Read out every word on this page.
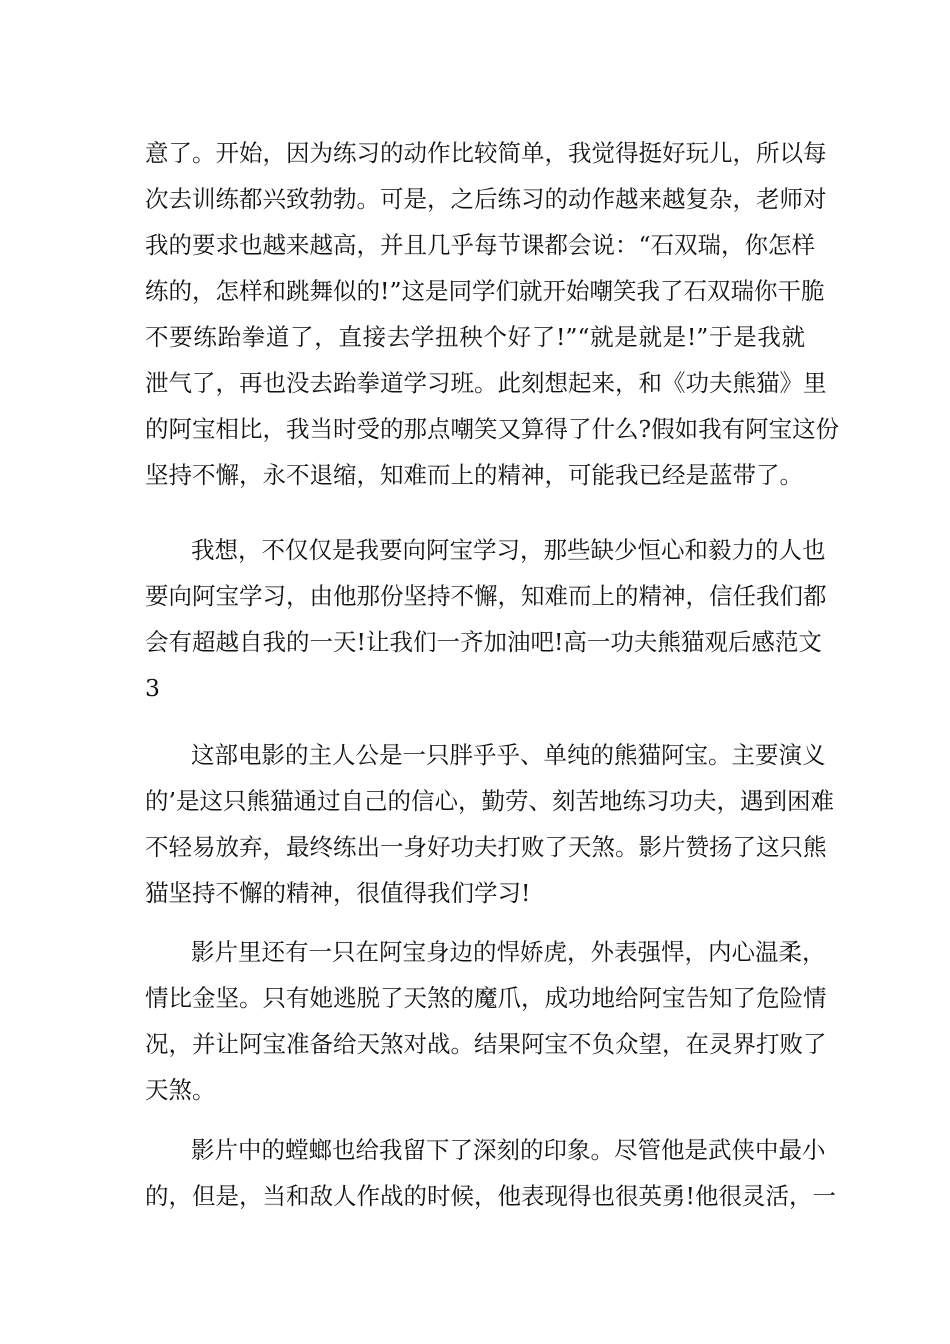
意了。开始，因为练习的动作比较简单，我觉得挺好玩儿，所以每
次去训练都兴致勃勃。可是，之后练习的动作越来越复杂，老师对
我的要求也越来越高，并且几乎每节课都会说：“石双瑞，你怎样
练的，怎样和跳舞似的!”这是同学们就开始嘲笑我了石双瑞你干脆
不要练跆拳道了，直接去学扭秧个好了!”“就是就是!”于是我就
泄气了，再也没去跆拳道学习班。此刻想起来，和《功夫熊猫》里
的阿宝相比，我当时受的那点嘲笑又算得了什么?假如我有阿宝这份
坚持不懈，永不退缩，知难而上的精神，可能我已经是蓝带了。
我想，不仅仅是我要向阿宝学习，那些缺少恒心和毅力的人也
要向阿宝学习，由他那份坚持不懈，知难而上的精神，信任我们都
会有超越自我的一天!让我们一齐加油吧!高一功夫熊猫观后感范文
3
这部电影的主人公是一只胖乎乎、单纯的熊猫阿宝。主要演义
的’是这只熊猫通过自己的信心，勤劳、刻苦地练习功夫，遇到困难
不轻易放弃，最终练出一身好功夫打败了天煞。影片赞扬了这只熊
猫坚持不懈的精神，很值得我们学习!
影片里还有一只在阿宝身边的悍娇虎，外表强悍，内心温柔，
情比金坚。只有她逃脱了天煞的魔爪，成功地给阿宝告知了危险情
况，并让阿宝准备给天煞对战。结果阿宝不负众望，在灵界打败了
天煞。
影片中的螳螂也给我留下了深刻的印象。尽管他是武侠中最小
的，但是，当和敌人作战的时候，他表现得也很英勇!他很灵活，一
